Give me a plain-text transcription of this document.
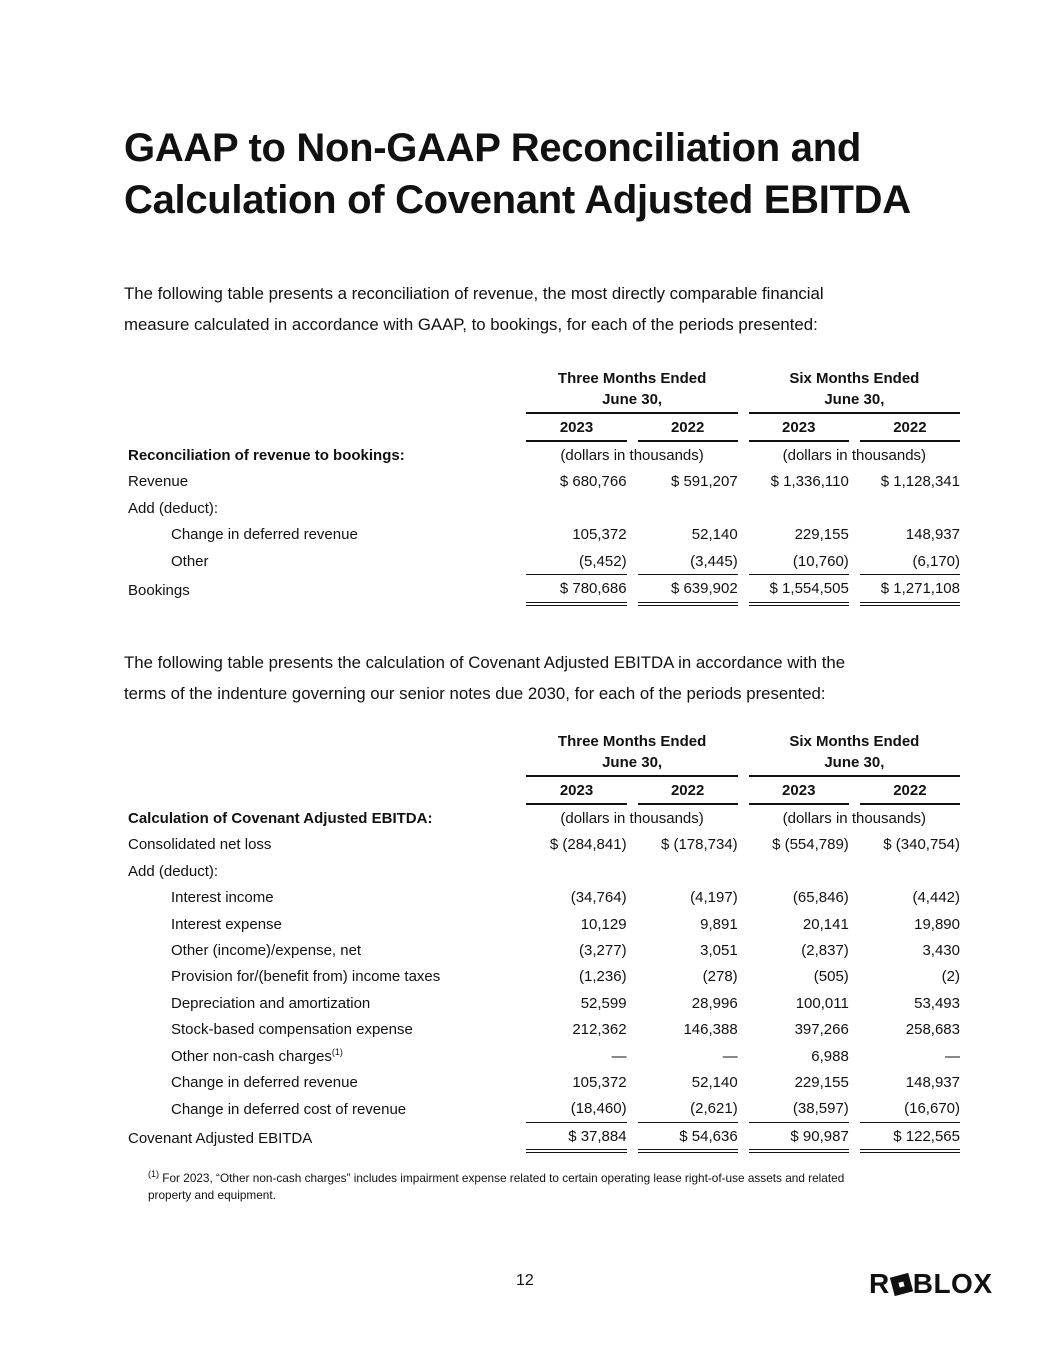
GAAP to Non-GAAP Reconciliation and
Calculation of Covenant Adjusted EBITDA

The following table presents a reconciliation of revenue, the most directly comparable financial
measure calculated in accordance with GAAP, to bookings, for each of the periods presented:

	Three Months Ended
June 30,				Six Months Ended
June 30,		

	2023		2022		2023		2022
Reconciliation of revenue to bookings:	(dollars in thousands)				(dollars in thousands)		
Revenue	$ 680,766		$ 591,207		$ 1,336,110		$ 1,128,341
Add (deduct):							
Change in deferred revenue	105,372		52,140		229,155		148,937
Other	(5,452)		(3,445)		(10,760)		(6,170)
Bookings	$ 780,686		$ 639,902		$ 1,554,505		$ 1,271,108

The following table presents the calculation of Covenant Adjusted EBITDA in accordance with the
terms of the indenture governing our senior notes due 2030, for each of the periods presented:

	Three Months Ended
June 30,				Six Months Ended
June 30,		

	2023		2022		2023		2022
Calculation of Covenant Adjusted EBITDA:	(dollars in thousands)				(dollars in thousands)		
Consolidated net loss	$ (284,841)		$ (178,734)		$ (554,789)		$ (340,754)
Add (deduct):							
Interest income	(34,764)		(4,197)		(65,846)		(4,442)
Interest expense	10,129		9,891		20,141		19,890
Other (income)/expense, net	(3,277)		3,051		(2,837)		3,430
Provision for/(benefit from) income taxes	(1,236)		(278)		(505)		(2)
Depreciation and amortization	52,599		28,996		100,011		53,493
Stock-based compensation expense	212,362		146,388		397,266		258,683
Other non-cash charges$^{(1)}$	—		—		6,988		—
Change in deferred revenue	105,372		52,140		229,155		148,937
Change in deferred cost of revenue	(18,460)		(2,621)		(38,597)		(16,670)
Covenant Adjusted EBITDA	$ 37,884		$ 54,636		$ 90,987		$ 122,565

$^{(1)}$ For 2023, “Other non-cash charges” includes impairment expense related to certain operating lease right-of-use assets and related
property and equipment.

12	R BLOX
